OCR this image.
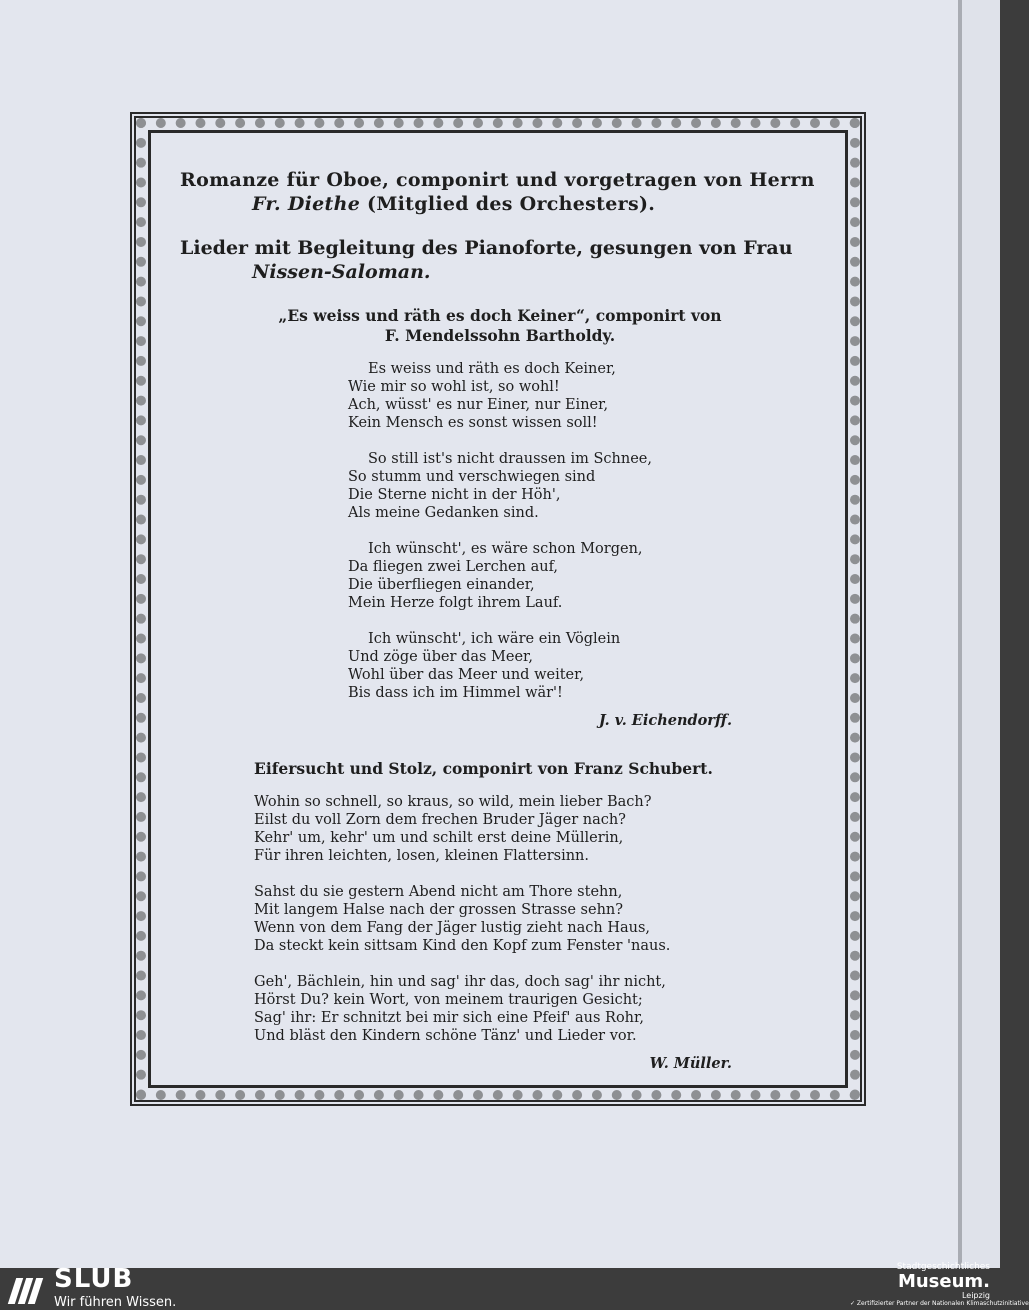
Romanze für Oboe, componirt und vorgetragen von Herrn
Fr. Diethe (Mitglied des Orchesters).

Lieder mit Begleitung des Pianoforte, gesungen von Frau
Nissen-Saloman.

„Es weiss und räth es doch Keiner“, componirt von
F. Mendelssohn Bartholdy.

Es weiss und räth es doch Keiner,
Wie mir so wohl ist, so wohl!
Ach, wüsst' es nur Einer, nur Einer,
Kein Mensch es sonst wissen soll!
So still ist's nicht draussen im Schnee,
So stumm und verschwiegen sind
Die Sterne nicht in der Höh',
Als meine Gedanken sind.
Ich wünscht', es wäre schon Morgen,
Da fliegen zwei Lerchen auf,
Die überfliegen einander,
Mein Herze folgt ihrem Lauf.
Ich wünscht', ich wäre ein Vöglein
Und zöge über das Meer,
Wohl über das Meer und weiter,
Bis dass ich im Himmel wär'!

J. v. Eichendorff.

Eifersucht und Stolz, componirt von Franz Schubert.

Wohin so schnell, so kraus, so wild, mein lieber Bach?
Eilst du voll Zorn dem frechen Bruder Jäger nach?
Kehr' um, kehr' um und schilt erst deine Müllerin,
Für ihren leichten, losen, kleinen Flattersinn.
Sahst du sie gestern Abend nicht am Thore stehn,
Mit langem Halse nach der grossen Strasse sehn?
Wenn von dem Fang der Jäger lustig zieht nach Haus,
Da steckt kein sittsam Kind den Kopf zum Fenster 'naus.
Geh', Bächlein, hin und sag' ihr das, doch sag' ihr nicht,
Hörst Du? kein Wort, von meinem traurigen Gesicht;
Sag' ihr: Er schnitzt bei mir sich eine Pfeif' aus Rohr,
Und bläst den Kindern schöne Tänz' und Lieder vor.

W. Müller.

SLUB
Wir führen Wissen.
Stadtgeschichtliches
Museum.
Leipzig
✓ Zertifizierter Partner der Nationalen Klimaschutzinitiative
